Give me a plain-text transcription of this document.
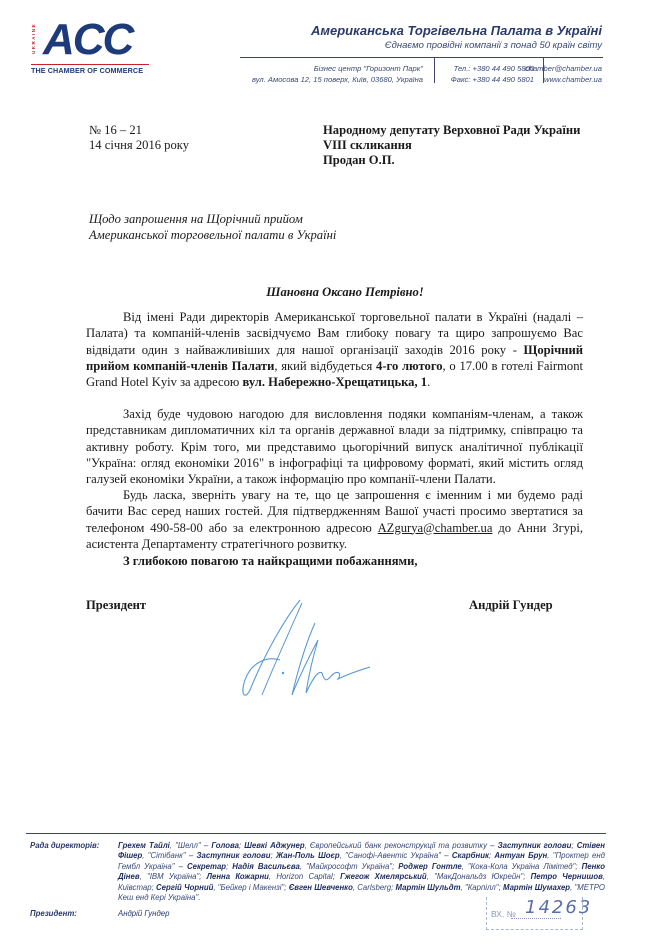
UKRAINE ACC
THE CHAMBER OF COMMERCE
Американська Торгівельна Палата в Україні
Єднаємо провідні компанії з понад 50 країн світу
Бізнес центр "Горизонт Парк"
вул. Амосова 12, 15 поверх, Київ, 03680, Україна
Тел.: +380 44 490 5800
Факс: +380 44 490 5801
chamber@chamber.ua
www.chamber.ua
№ 16 – 21
14 січня 2016 року
Народному депутату Верховної Ради України
VIII скликання
Продан О.П.
Щодо запрошення на Щорічний прийом
Американської торговельної палати в Україні
Шановна Оксано Петрівно!
Від імені Ради директорів Американської торговельної палати в Україні (надалі – Палата) та компаній-членів засвідчуємо Вам глибоку повагу та щиро запрошуємо Вас відвідати один з найважливіших для нашої організації заходів 2016 року - Щорічний прийом компаній-членів Палати, який відбудеться 4-го лютого, о 17.00 в готелі Fairmont Grand Hotel Kyiv за адресою вул. Набережно-Хрещатицька, 1.
Захід буде чудовою нагодою для висловлення подяки компаніям-членам, а також представникам дипломатичних кіл та органів державної влади за підтримку, співпрацю та активну роботу. Крім того, ми представимо цьогорічний випуск аналітичної публікації "Україна: огляд економіки 2016" в інфографіці та цифровому форматі, який містить огляд галузей економіки України, а також інформацію про компанії-члени Палати.
Будь ласка, зверніть увагу на те, що це запрошення є іменним і ми будемо раді бачити Вас серед наших гостей. Для підтвердженням Вашої участі просимо звертатися за телефоном 490-58-00 або за електронною адресою AZgurya@chamber.ua до Анни Згурі, асистента Департаменту стратегічного розвитку.
З глибокою повагою та найкращими побажаннями,
Президент	Андрій Гундер
Рада директорів: Грехем Тайлі, "Шелл" – Голова; Шевкі Аджунер, Європейський банк реконструкції та розвитку – Заступник голови; Стівен Фішер, "Сітібанк" – Заступник голови; Жан-Поль Шоєр, "Санофі-Авентіс Україна" – Скарбник; Антуан Брун, "Проктер енд Гембл Україна" – Секретар; Надія Васильєва, "Майкрософт Україна"; Роджер Гонтле, "Кока-Кола Україна Лімітед"; Пенко Дінев, "IBM Україна"; Ленна Кожарни, Horizon Capital; Гжегож Хмелярський, "МакДональдз Юкрейн"; Петро Чернишов, Київстар; Сергій Чорний, "Бейкер і Макензі"; Євген Шевченко, Carlsberg; Мартін Шульдт, "Карпілл"; Мартін Шумахер, "МЕТРО Кеш енд Кері Україна".
Президент:	Андрій Гундер	ВХ. № 14263
